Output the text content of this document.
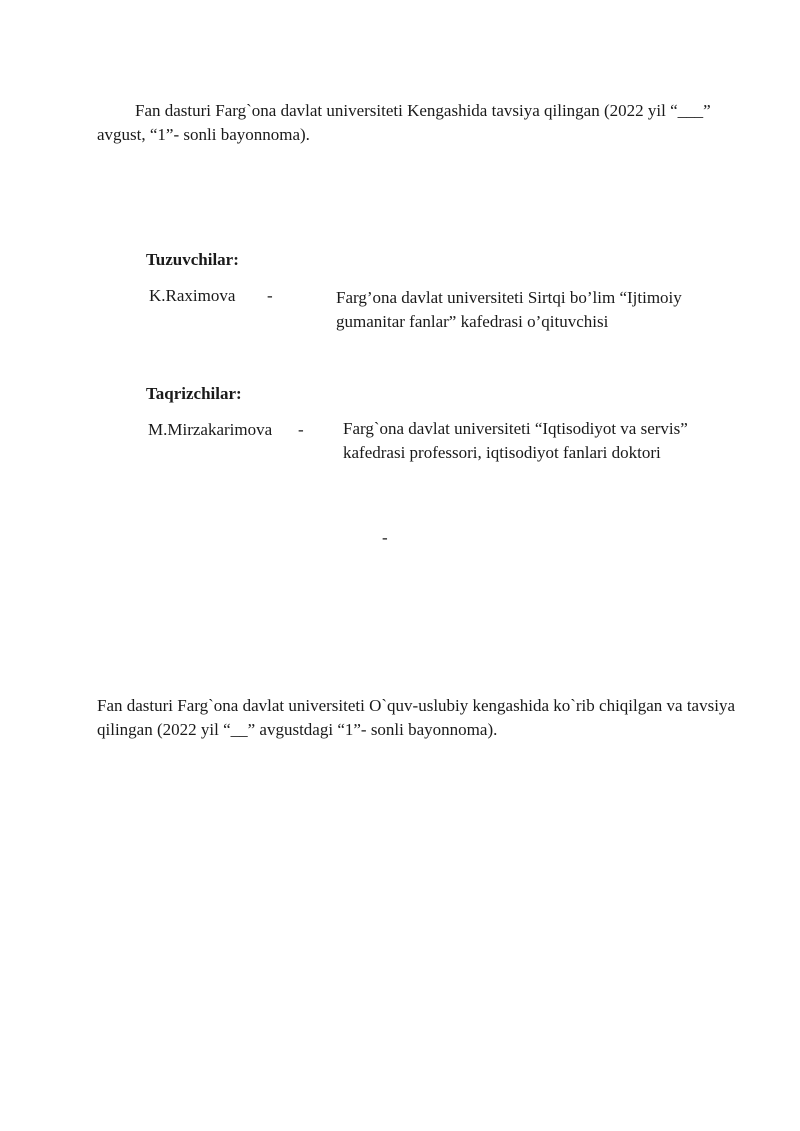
Fan dasturi Farg`ona davlat universiteti Kengashida tavsiya qilingan (2022 yil “___” avgust, “1”- sonli bayonnoma).

Tuzuvchilar:
K.Raximova -	Farg’ona davlat universiteti Sirtqi bo’lim “Ijtimoiy
gumanitar fanlar” kafedrasi o’qituvchisi
Taqrizchilar:
M.Mirzakarimova - Farg`ona davlat universiteti “Iqtisodiyot va servis”
kafedrasi professori, iqtisodiyot fanlari doktori
-

Fan dasturi Farg`ona davlat universiteti O`quv-uslubiy kengashida ko`rib chiqilgan va tavsiya qilingan (2022 yil “__” avgustdagi “1”- sonli bayonnoma).
